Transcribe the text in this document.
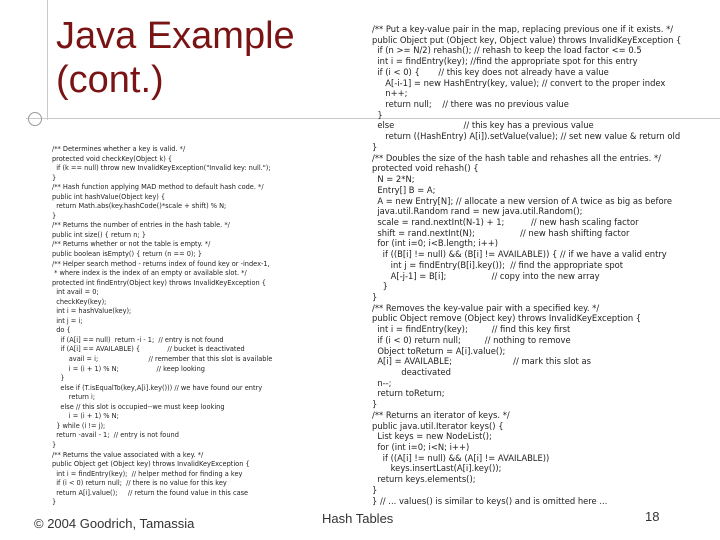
Java Example
(cont.)
/** Determines whether a key is valid. */
protected void checkKey(Object k) {
if (k == null) throw new InvalidKeyException("Invalid key: null.");
}
/** Hash function applying MAD method to default hash code. */
public int hashValue(Object key) {
return Math.abs(key.hashCode()*scale + shift) % N;
}
/** Returns the number of entries in the hash table. */
public int size() { return n; }
/** Returns whether or not the table is empty. */
public boolean isEmpty() { return (n == 0); }
/** Helper search method - returns index of found key or -index-1,
* where index is the index of an empty or available slot. */
protected int findEntry(Object key) throws InvalidKeyException {
int avail = 0;
checkKey(key);
int i = hashValue(key);
int j = i;
do {
if (A[i] == null)  return -i - 1;  // entry is not found
if (A[i] == AVAILABLE) {             // bucket is deactivated
avail = i;                        // remember that this slot is available
i = (i + 1) % N;                  // keep looking
}
else if (T.isEqualTo(key,A[i].key())) // we have found our entry
return i;
else // this slot is occupied--we must keep looking
i = (i + 1) % N;
} while (i != j);
return -avail - 1;  // entry is not found
}
/** Returns the value associated with a key. */
public Object get (Object key) throws InvalidKeyException {
int i = findEntry(key);  // helper method for finding a key
if (i < 0) return null;  // there is no value for this key
return A[i].value();     // return the found value in this case
}
/** Put a key-value pair in the map, replacing previous one if it exists. */
public Object put (Object key, Object value) throws InvalidKeyException {
if (n >= N/2) rehash(); // rehash to keep the load factor <= 0.5
int i = findEntry(key); //find the appropriate spot for this entry
if (i < 0) {       // this key does not already have a value
A[-i-1] = new HashEntry(key, value); // convert to the proper index
n++;
return null;    // there was no previous value
}
else                          // this key has a previous value
return ((HashEntry) A[i]).setValue(value); // set new value & return old
}
/** Doubles the size of the hash table and rehashes all the entries. */
protected void rehash() {
N = 2*N;
Entry[] B = A;
A = new Entry[N]; // allocate a new version of A twice as big as before
java.util.Random rand = new java.util.Random();
scale = rand.nextInt(N-1) + 1;          // new hash scaling factor
shift = rand.nextInt(N);                 // new hash shifting factor
for (int i=0; i<B.length; i++)
if ((B[i] != null) && (B[i] != AVAILABLE)) { // if we have a valid entry
int j = findEntry(B[i].key());  // find the appropriate spot
A[-j-1] = B[i];                 // copy into the new array
}
}
/** Removes the key-value pair with a specified key. */
public Object remove (Object key) throws InvalidKeyException {
int i = findEntry(key);         // find this key first
if (i < 0) return null;         // nothing to remove
Object toReturn = A[i].value();
A[i] = AVAILABLE;                       // mark this slot as
deactivated
n--;
return toReturn;
}
/** Returns an iterator of keys. */
public java.util.Iterator keys() {
List keys = new NodeList();
for (int i=0; i<N; i++)
if ((A[i] != null) && (A[i] != AVAILABLE))
keys.insertLast(A[i].key());
return keys.elements();
}
} // ... values() is similar to keys() and is omitted here ...
© 2004 Goodrich, Tamassia	Hash Tables	18
